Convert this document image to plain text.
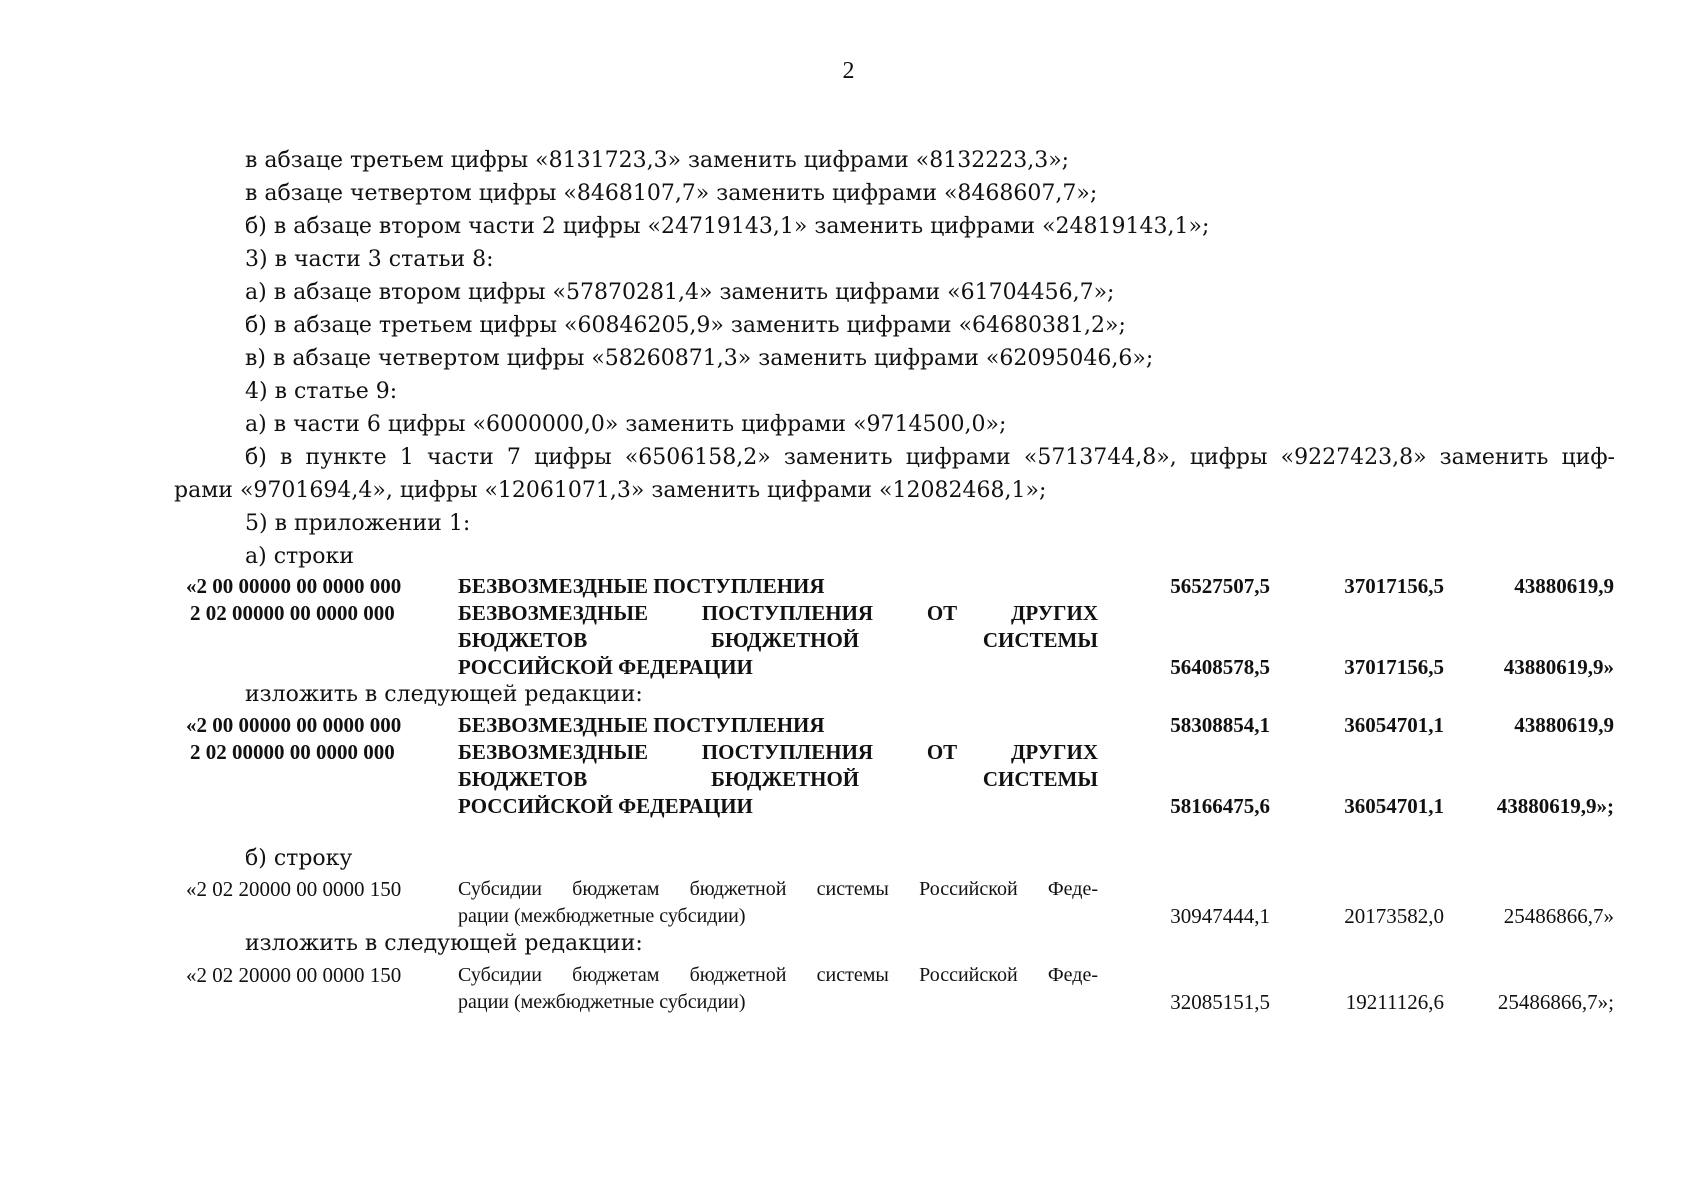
2
в абзаце третьем цифры «8131723,3» заменить цифрами «8132223,3»;
в абзаце четвертом цифры «8468107,7» заменить цифрами «8468607,7»;
б) в абзаце втором части 2 цифры «24719143,1» заменить цифрами «24819143,1»;
3) в части 3 статьи 8:
а) в абзаце втором цифры «57870281,4» заменить цифрами «61704456,7»;
б) в абзаце третьем цифры «60846205,9» заменить цифрами «64680381,2»;
в) в абзаце четвертом цифры «58260871,3» заменить цифрами «62095046,6»;
4) в статье 9:
а) в части 6 цифры «6000000,0» заменить цифрами «9714500,0»;
б) в пункте 1 части 7 цифры «6506158,2» заменить цифрами «5713744,8», цифры «9227423,8» заменить циф-
рами «9701694,4», цифры «12061071,3» заменить цифрами «12082468,1»;
5) в приложении 1:
а) строки
«2 00 00000 00 0000 000	БЕЗВОЗМЕЗДНЫЕ ПОСТУПЛЕНИЯ	56527507,5	37017156,5	43880619,9
2 02 00000 00 0000 000	БЕЗВОЗМЕЗДНЫЕ ПОСТУПЛЕНИЯ ОТ ДРУГИХ
БЮДЖЕТОВ БЮДЖЕТНОЙ СИСТЕМЫ
РОССИЙСКОЙ ФЕДЕРАЦИИ	56408578,5	37017156,5	43880619,9»
изложить в следующей редакции:
«2 00 00000 00 0000 000	БЕЗВОЗМЕЗДНЫЕ ПОСТУПЛЕНИЯ	58308854,1	36054701,1	43880619,9
2 02 00000 00 0000 000	БЕЗВОЗМЕЗДНЫЕ ПОСТУПЛЕНИЯ ОТ ДРУГИХ
БЮДЖЕТОВ БЮДЖЕТНОЙ СИСТЕМЫ
РОССИЙСКОЙ ФЕДЕРАЦИИ	58166475,6	36054701,1	43880619,9»;
б) строку
«2 02 20000 00 0000 150	Субсидии бюджетам бюджетной системы Российской Феде-
рации (межбюджетные субсидии)	30947444,1	20173582,0	25486866,7»
изложить в следующей редакции:
«2 02 20000 00 0000 150	Субсидии бюджетам бюджетной системы Российской Феде-
рации (межбюджетные субсидии)	32085151,5	19211126,6	25486866,7»;
